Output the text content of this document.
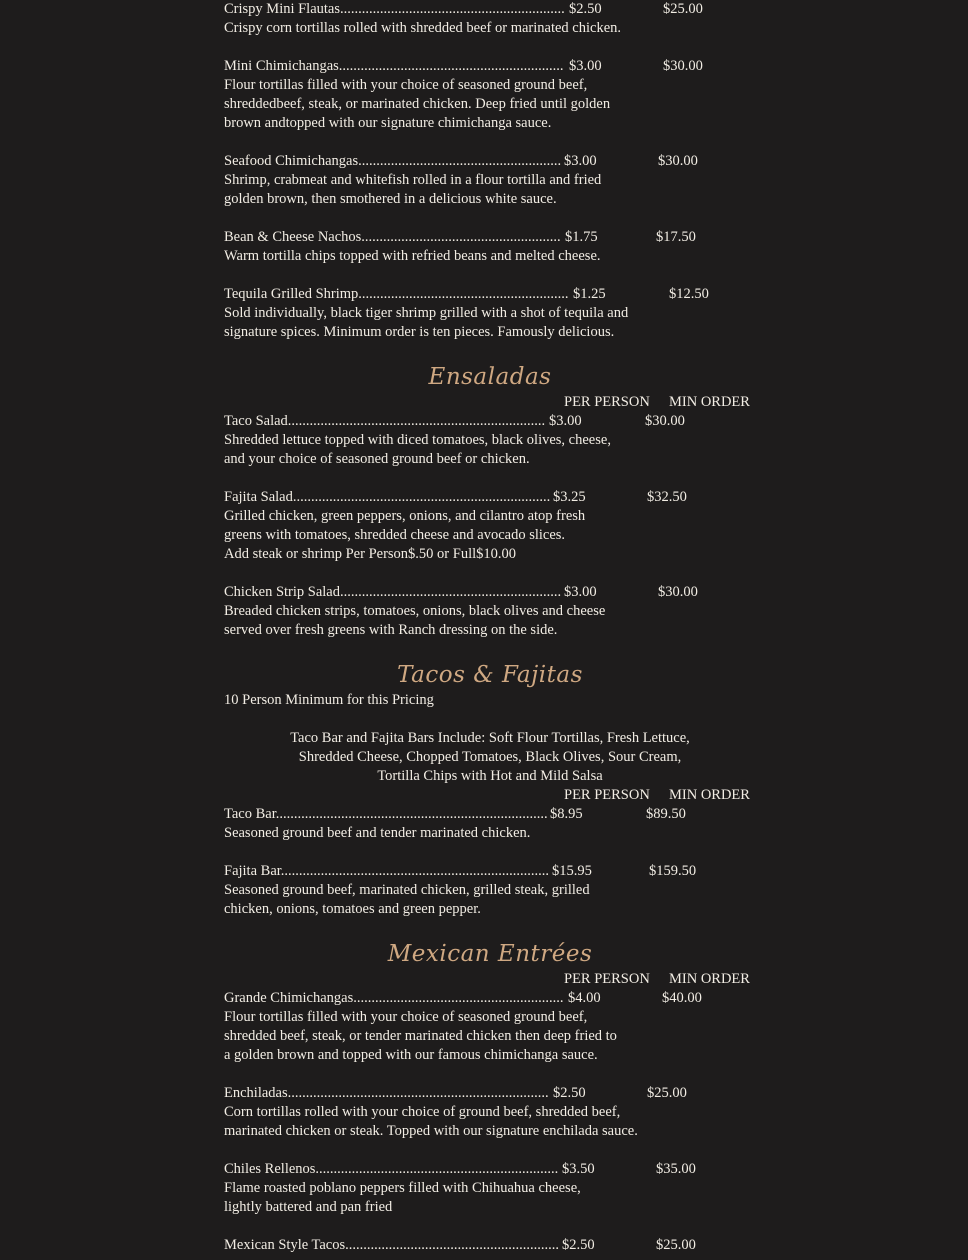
Crispy Mini Flautas.............................................................. $2.50	$25.00
Crispy corn tortillas rolled with shredded beef or marinated chicken.
Mini Chimichangas.............................................................. $3.00	$30.00
Flour tortillas filled with your choice of seasoned ground beef,
shreddedbeef, steak, or marinated chicken. Deep fried until golden
brown andtopped with our signature chimichanga sauce.
Seafood Chimichangas........................................................ $3.00	$30.00
Shrimp, crabmeat and whitefish rolled in a flour tortilla and fried
golden brown, then smothered in a delicious white sauce.
Bean & Cheese Nachos....................................................... $1.75	$17.50
Warm tortilla chips topped with refried beans and melted cheese.
Tequila Grilled Shrimp.......................................................... $1.25	$12.50
Sold individually, black tiger shrimp grilled with a shot of tequila and
signature spices. Minimum order is ten pieces. Famously delicious.
Ensaladas
PER PERSON MIN ORDER
Taco Salad....................................................................... $3.00	$30.00
Shredded lettuce topped with diced tomatoes, black olives, cheese,
and your choice of seasoned ground beef or chicken.
Fajita Salad....................................................................... $3.25	$32.50
Grilled chicken, green peppers, onions, and cilantro atop fresh
greens with tomatoes, shredded cheese and avocado slices.
Add steak or shrimp Per Person$.50 or Full$10.00
Chicken Strip Salad............................................................. $3.00	$30.00
Breaded chicken strips, tomatoes, onions, black olives and cheese
served over fresh greens with Ranch dressing on the side.
Tacos & Fajitas
10 Person Minimum for this Pricing
Taco Bar and Fajita Bars Include: Soft Flour Tortillas, Fresh Lettuce,
Shredded Cheese, Chopped Tomatoes, Black Olives, Sour Cream,
Tortilla Chips with Hot and Mild Salsa
PER PERSON MIN ORDER
Taco Bar........................................................................... $8.95	$89.50
Seasoned ground beef and tender marinated chicken.
Fajita Bar.......................................................................... $15.95	$159.50
Seasoned ground beef, marinated chicken, grilled steak, grilled
chicken, onions, tomatoes and green pepper.
Mexican Entrées
PER PERSON MIN ORDER
Grande Chimichangas.......................................................... $4.00	$40.00
Flour tortillas filled with your choice of seasoned ground beef,
shredded beef, steak, or tender marinated chicken then deep fried to
a golden brown and topped with our famous chimichanga sauce.
Enchiladas........................................................................ $2.50	$25.00
Corn tortillas rolled with your choice of ground beef, shredded beef,
marinated chicken or steak. Topped with our signature enchilada sauce.
Chiles Rellenos................................................................... $3.50	$35.00
Flame roasted poblano peppers filled with Chihuahua cheese,
lightly battered and pan fried
Mexican Style Tacos........................................................... $2.50	$25.00
